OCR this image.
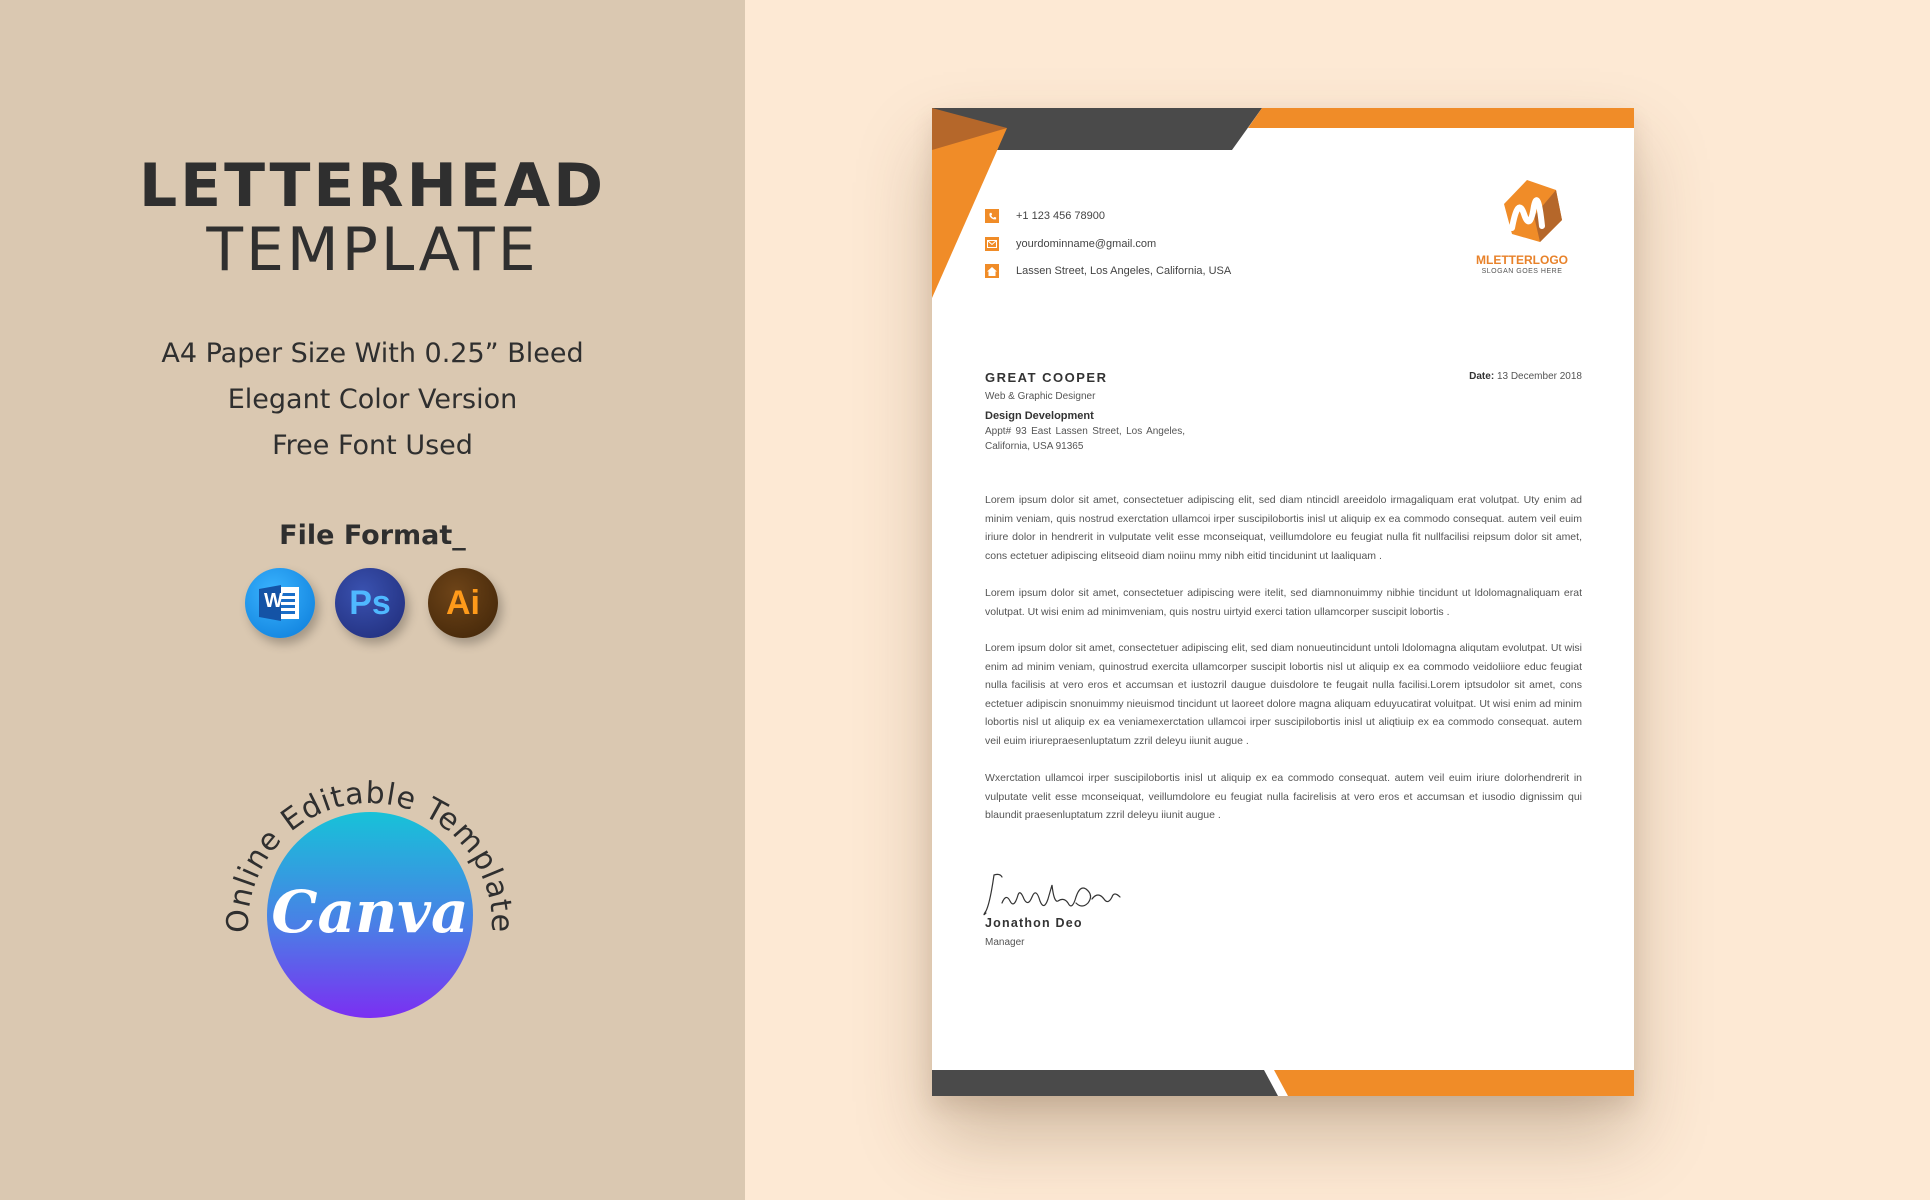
LETTERHEAD
TEMPLATE
A4 Paper Size With 0.25” Bleed
Elegant Color Version
Free Font Used
File Format_
W Ps Ai
Online Editable Template
Canva
+1 123 456 78900
yourdominname@gmail.com
Lassen Street, Los Angeles, California, USA
MLETTERLOGO
SLOGAN GOES HERE
GREAT COOPER
Web & Graphic Designer
Design Development
Appt# 93 East Lassen Street, Los Angeles, California, USA 91365
Date: 13 December 2018
Lorem ipsum dolor sit amet, consectetuer adipiscing elit, sed diam ntincidl areeidolo irmagaliquam erat volutpat. Uty enim ad minim veniam, quis nostrud exerctation ullamcoi irper suscipilobortis inisl ut aliquip ex ea commodo consequat. autem veil euim iriure dolor in hendrerit in vulputate velit esse mconseiquat, veillumdolore eu feugiat nulla fit nullfacilisi reipsum dolor sit amet, cons ectetuer adipiscing elitseoid diam noiinu mmy nibh eitid tincidunint ut laaliquam .
Lorem ipsum dolor sit amet, consectetuer adipiscing were itelit, sed diamnonuimmy nibhie tincidunt ut ldolomagnaliquam erat volutpat. Ut wisi enim ad minimveniam, quis nostru uirtyid exerci tation ullamcorper suscipit lobortis .
Lorem ipsum dolor sit amet, consectetuer adipiscing elit, sed diam nonueutincidunt untoli ldolomagna aliqutam evolutpat. Ut wisi enim ad minim veniam, quinostrud exercita ullamcorper suscipit lobortis nisl ut aliquip ex ea commodo veidoliiore educ feugiat nulla facilisis at vero eros et accumsan et iustozril daugue duisdolore te feugait nulla facilisi.Lorem iptsudolor sit amet, cons ectetuer adipiscin snonuimmy nieuismod tincidunt ut laoreet dolore magna aliquam eduyucatirat voluitpat. Ut wisi enim ad minim lobortis nisl ut aliquip ex ea veniamexerctation ullamcoi irper suscipilobortis inisl ut aliqtiuip ex ea commodo consequat. autem veil euim iriurepraesenluptatum zzril deleyu iiunit augue .
Wxerctation ullamcoi irper suscipilobortis inisl ut aliquip ex ea commodo consequat. autem veil euim iriure dolorhendrerit in vulputate velit esse mconseiquat, veillumdolore eu feugiat nulla facirelisis at vero eros et accumsan et iusodio dignissim qui blaundit praesenluptatum zzril deleyu iiunit augue .
Jonathon Deo
Manager
